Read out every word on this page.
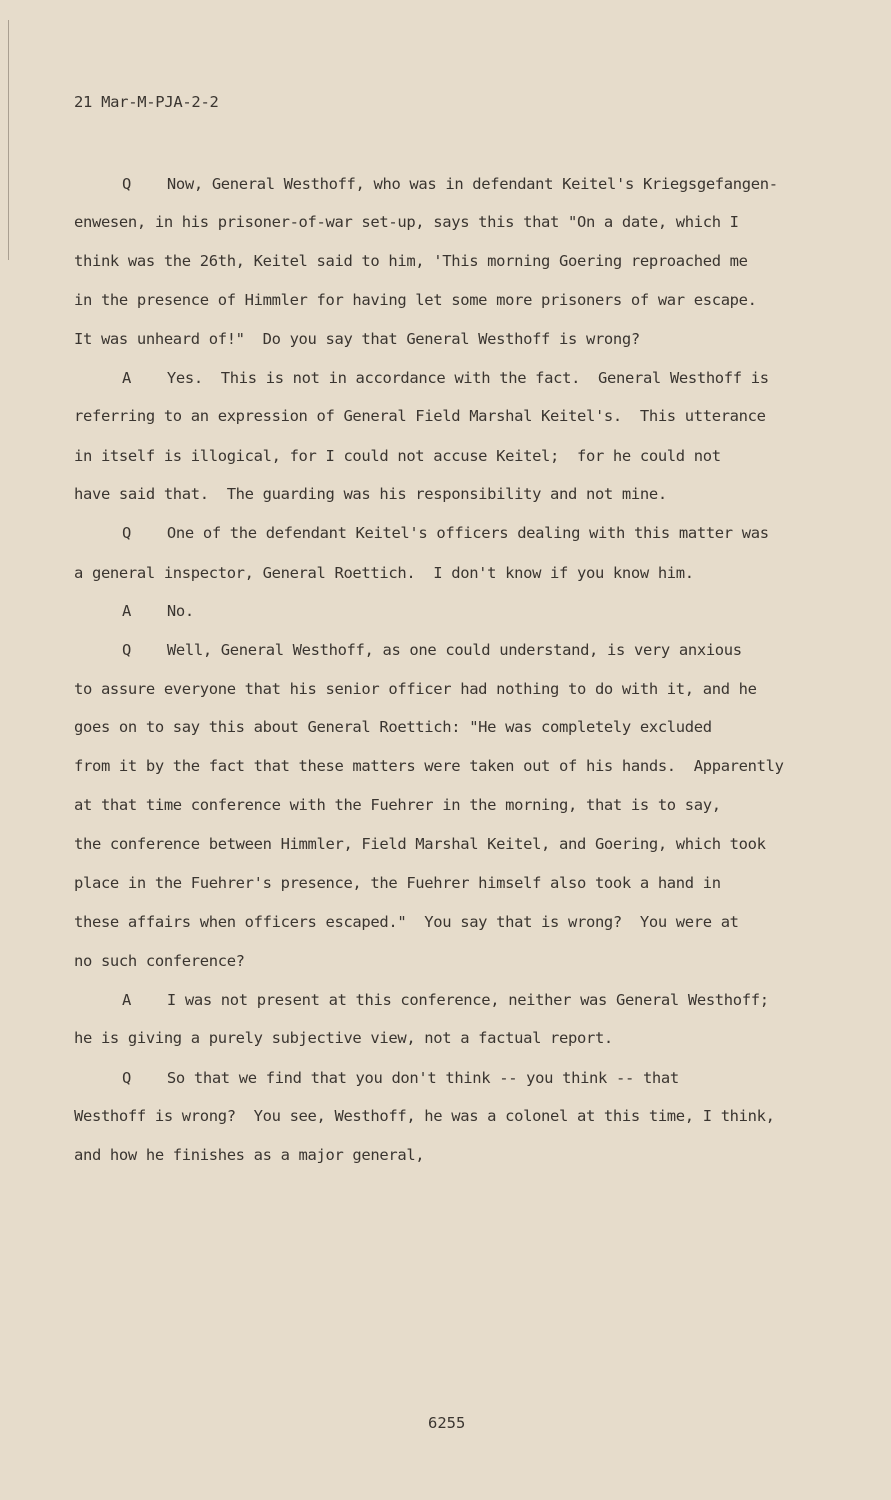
21 Mar-M-PJA-2-2
Q    Now, General Westhoff, who was in defendant Keitel's Kriegsgefangen-
enwesen, in his prisoner-of-war set-up, says this that "On a date, which I
think was the 26th, Keitel said to him, 'This morning Goering reproached me
in the presence of Himmler for having let some more prisoners of war escape.
It was unheard of!"  Do you say that General Westhoff is wrong?
A    Yes.  This is not in accordance with the fact.  General Westhoff is
referring to an expression of General Field Marshal Keitel's.  This utterance
in itself is illogical, for I could not accuse Keitel;  for he could not
have said that.  The guarding was his responsibility and not mine.
Q    One of the defendant Keitel's officers dealing with this matter was
a general inspector, General Roettich.  I don't know if you know him.
A    No.
Q    Well, General Westhoff, as one could understand, is very anxious
to assure everyone that his senior officer had nothing to do with it, and he
goes on to say this about General Roettich: "He was completely excluded
from it by the fact that these matters were taken out of his hands.  Apparently
at that time conference with the Fuehrer in the morning, that is to say,
the conference between Himmler, Field Marshal Keitel, and Goering, which took
place in the Fuehrer's presence, the Fuehrer himself also took a hand in
these affairs when officers escaped."  You say that is wrong?  You were at
no such conference?
A    I was not present at this conference, neither was General Westhoff;
he is giving a purely subjective view, not a factual report.
Q    So that we find that you don't think -- you think -- that
Westhoff is wrong?  You see, Westhoff, he was a colonel at this time, I think,
and how he finishes as a major general,
6255
